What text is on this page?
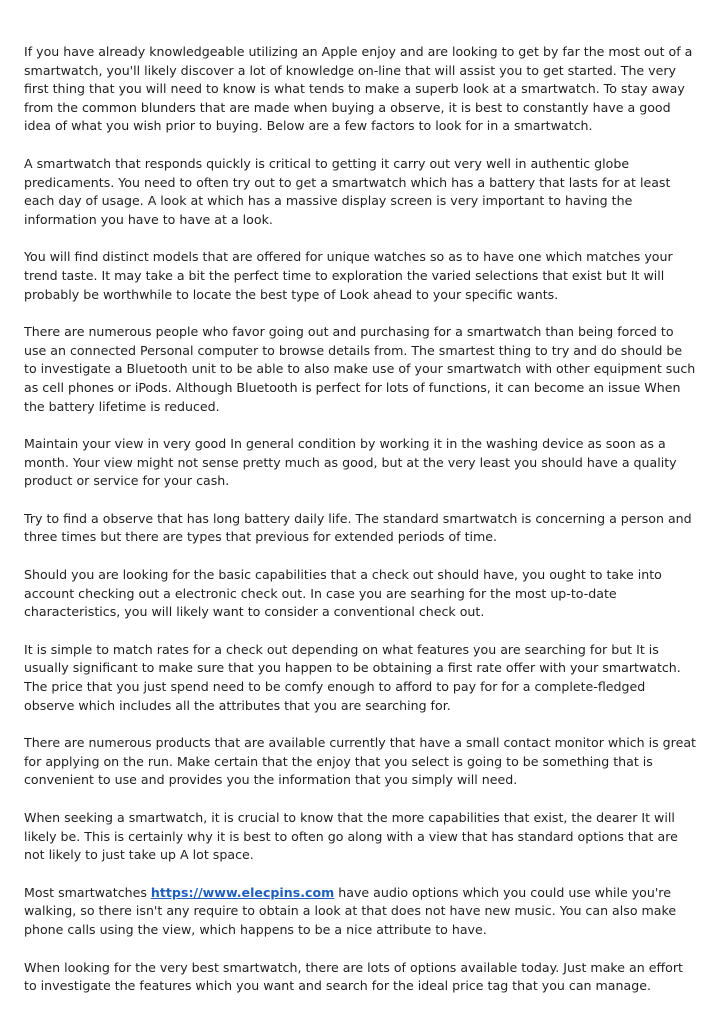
If you have already knowledgeable utilizing an Apple enjoy and are looking to get by far the most out of a smartwatch, you'll likely discover a lot of knowledge on-line that will assist you to get started. The very first thing that you will need to know is what tends to make a superb look at a smartwatch. To stay away from the common blunders that are made when buying a observe, it is best to constantly have a good idea of what you wish prior to buying. Below are a few factors to look for in a smartwatch.

A smartwatch that responds quickly is critical to getting it carry out very well in authentic globe predicaments. You need to often try out to get a smartwatch which has a battery that lasts for at least each day of usage. A look at which has a massive display screen is very important to having the information you have to have at a look.

You will find distinct models that are offered for unique watches so as to have one which matches your trend taste. It may take a bit the perfect time to exploration the varied selections that exist but It will probably be worthwhile to locate the best type of Look ahead to your specific wants.

There are numerous people who favor going out and purchasing for a smartwatch than being forced to use an connected Personal computer to browse details from. The smartest thing to try and do should be to investigate a Bluetooth unit to be able to also make use of your smartwatch with other equipment such as cell phones or iPods. Although Bluetooth is perfect for lots of functions, it can become an issue When the battery lifetime is reduced.

Maintain your view in very good In general condition by working it in the washing device as soon as a month. Your view might not sense pretty much as good, but at the very least you should have a quality product or service for your cash.

Try to find a observe that has long battery daily life. The standard smartwatch is concerning a person and three times but there are types that previous for extended periods of time.

Should you are looking for the basic capabilities that a check out should have, you ought to take into account checking out a electronic check out. In case you are searhing for the most up-to-date characteristics, you will likely want to consider a conventional check out.

It is simple to match rates for a check out depending on what features you are searching for but It is usually significant to make sure that you happen to be obtaining a first rate offer with your smartwatch. The price that you just spend need to be comfy enough to afford to pay for for a complete-fledged observe which includes all the attributes that you are searching for.

There are numerous products that are available currently that have a small contact monitor which is great for applying on the run. Make certain that the enjoy that you select is going to be something that is convenient to use and provides you the information that you simply will need.

When seeking a smartwatch, it is crucial to know that the more capabilities that exist, the dearer It will likely be. This is certainly why it is best to often go along with a view that has standard options that are not likely to just take up A lot space.

Most smartwatches https://www.elecpins.com have audio options which you could use while you're walking, so there isn't any require to obtain a look at that does not have new music. You can also make phone calls using the view, which happens to be a nice attribute to have.

When looking for the very best smartwatch, there are lots of options available today. Just make an effort to investigate the features which you want and search for the ideal price tag that you can manage.
